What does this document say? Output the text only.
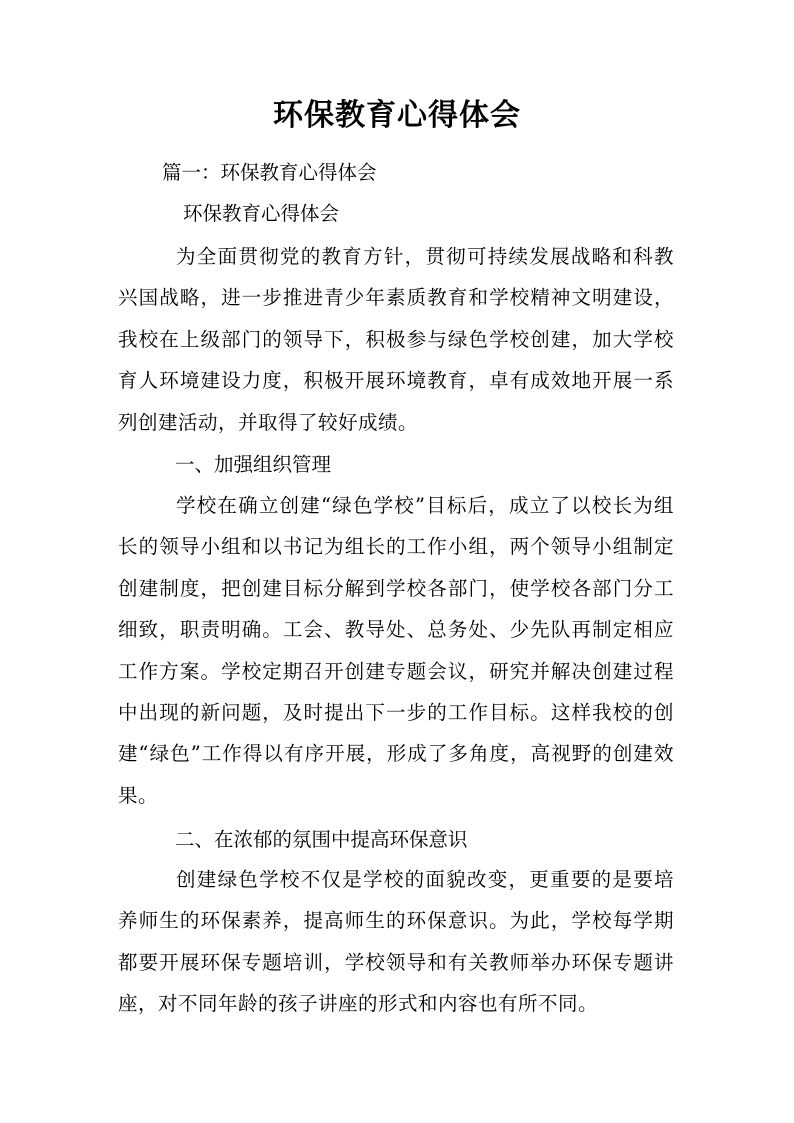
环保教育心得体会
篇一：环保教育心得体会
环保教育心得体会
为全面贯彻党的教育方针，贯彻可持续发展战略和科教兴国战略，进一步推进青少年素质教育和学校精神文明建设，我校在上级部门的领导下，积极参与绿色学校创建，加大学校育人环境建设力度，积极开展环境教育，卓有成效地开展一系列创建活动，并取得了较好成绩。
一、加强组织管理
学校在确立创建“绿色学校”目标后，成立了以校长为组长的领导小组和以书记为组长的工作小组，两个领导小组制定创建制度，把创建目标分解到学校各部门，使学校各部门分工细致，职责明确。工会、教导处、总务处、少先队再制定相应工作方案。学校定期召开创建专题会议，研究并解决创建过程中出现的新问题，及时提出下一步的工作目标。这样我校的创建“绿色”工作得以有序开展，形成了多角度，高视野的创建效果。
二、在浓郁的氛围中提高环保意识
创建绿色学校不仅是学校的面貌改变，更重要的是要培养师生的环保素养，提高师生的环保意识。为此，学校每学期都要开展环保专题培训，学校领导和有关教师举办环保专题讲座，对不同年龄的孩子讲座的形式和内容也有所不同。
